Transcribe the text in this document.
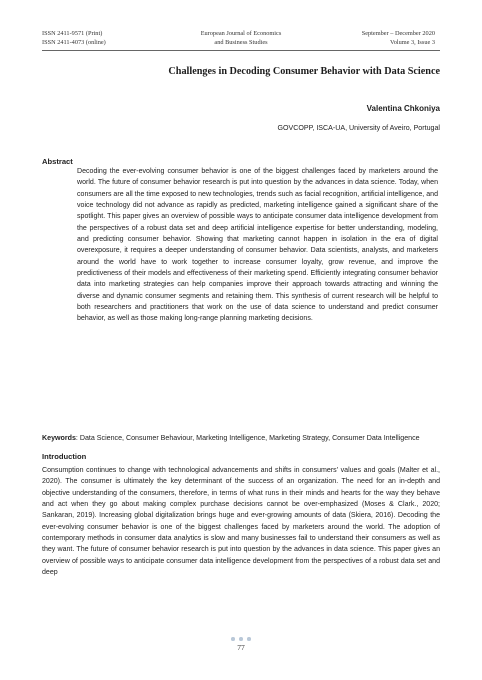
ISSN 2411-9571 (Print)
ISSN 2411-4073 (online)
European Journal of Economics
and Business Studies
September – December 2020
Volume 3, Issue 3
Challenges in Decoding Consumer Behavior with Data Science
Valentina Chkoniya
GOVCOPP, ISCA-UA, University of Aveiro, Portugal
Abstract

Decoding the ever-evolving consumer behavior is one of the biggest challenges faced by marketers around the world. The future of consumer behavior research is put into question by the advances in data science. Today, when consumers are all the time exposed to new technologies, trends such as facial recognition, artificial intelligence, and voice technology did not advance as rapidly as predicted, marketing intelligence gained a significant share of the spotlight. This paper gives an overview of possible ways to anticipate consumer data intelligence development from the perspectives of a robust data set and deep artificial intelligence expertise for better understanding, modeling, and predicting consumer behavior. Showing that marketing cannot happen in isolation in the era of digital overexposure, it requires a deeper understanding of consumer behavior. Data scientists, analysts, and marketers around the world have to work together to increase consumer loyalty, grow revenue, and improve the predictiveness of their models and effectiveness of their marketing spend. Efficiently integrating consumer behavior data into marketing strategies can help companies improve their approach towards attracting and winning the diverse and dynamic consumer segments and retaining them. This synthesis of current research will be helpful to both researchers and practitioners that work on the use of data science to understand and predict consumer behavior, as well as those making long-range planning marketing decisions.

Keywords: Data Science, Consumer Behaviour, Marketing Intelligence, Marketing Strategy, Consumer Data Intelligence

Introduction

Consumption continues to change with technological advancements and shifts in consumers’ values and goals (Malter et al., 2020). The consumer is ultimately the key determinant of the success of an organization. The need for an in-depth and objective understanding of the consumers, therefore, in terms of what runs in their minds and hearts for the way they behave and act when they go about making complex purchase decisions cannot be over-emphasized (Moses & Clark., 2020; Sankaran, 2019). Increasing global digitalization brings huge and ever-growing amounts of data (Skiera, 2016). Decoding the ever-evolving consumer behavior is one of the biggest challenges faced by marketers around the world. The adoption of contemporary methods in consumer data analytics is slow and many businesses fail to understand their consumers as well as they want. The future of consumer behavior research is put into question by the advances in data science. This paper gives an overview of possible ways to anticipate consumer data intelligence development from the perspectives of a robust data set and deep

77
